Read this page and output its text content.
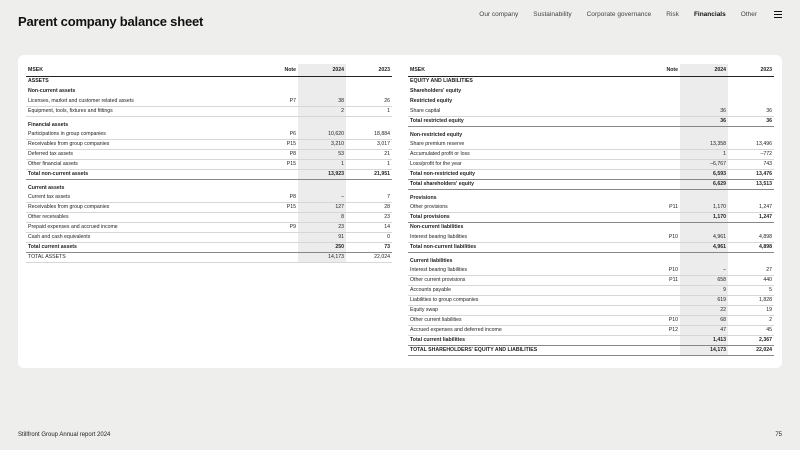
Parent company balance sheet	Our company Sustainability Corporate governance Risk Financials Other
MSEK	Note	2024	2023
ASSETS			
Non-current assets			
Licenses, market and customer related assets	P7	38	26
Equipment, tools, fixtures and fittings		2	1
Financial assets			
Participations in group companies	P6	10,620	18,884
Receivables from group companies	P15	3,210	3,017
Deferred tax assets	P8	53	21
Other financial assets	P15	1	1
Total non-current assets		13,923	21,951
Current assets			
Current tax assets	P8	–	7
Receivables from group companies	P15	127	28
Other receivables		8	23
Prepaid expenses and accrued income	P9	23	14
Cash and cash equivalents		91	0
Total current assets		250	73
TOTAL ASSETS		14,173	22,024
MSEK	Note	2024	2023
EQUITY AND LIABILITIES			
Shareholders' equity			
Restricted equity			
Share capital		36	36
Total restricted equity		36	36
Non-restricted equity			
Share premium reserve		13,358	13,496
Accumulated profit or loss		1	–772
Loss/profit for the year		–6,767	743
Total non-restricted equity		6,593	13,476
Total shareholders' equity		6,629	13,513
Provisions			
Other provisions	P11	1,170	1,247
Total provisions		1,170	1,247
Non-current liabilities			
Interest bearing liabilities	P10	4,961	4,898
Total non-current liabilities		4,961	4,898
Current liabilities			
Interest bearing liabilities	P10	–	27
Other current provisions	P11	658	440
Accounts payable		9	5
Liabilities to group companies		619	1,828
Equity swap		22	19
Other current liabilities	P10	68	2
Accrued expenses and deferred income	P12	47	45
Total current liabilities		1,413	2,367
TOTAL SHAREHOLDERS' EQUITY AND LIABILITIES		14,173	22,024
Stillfront Group Annual report 2024	75
